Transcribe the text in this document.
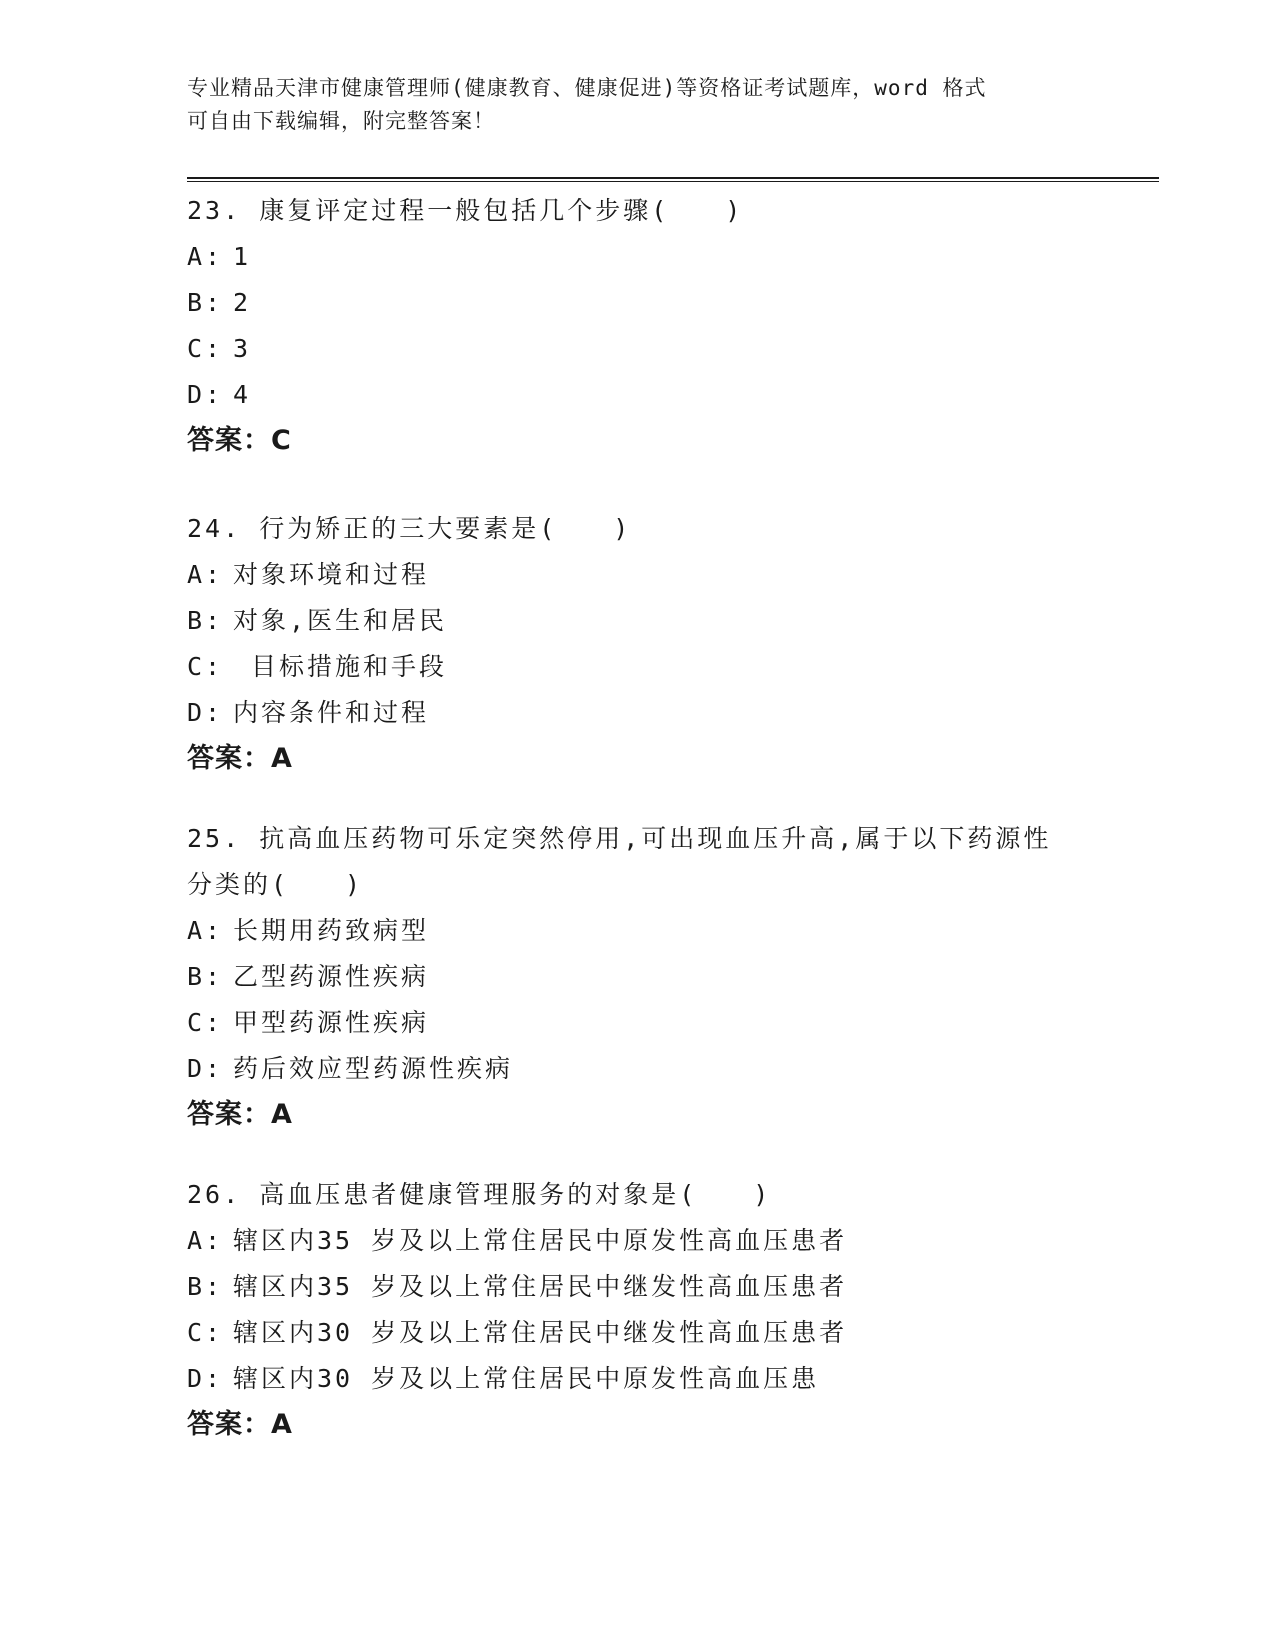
专业精品天津市健康管理师(健康教育、健康促进)等资格证考试题库，word 格式
可自由下载编辑，附完整答案！
23. 康复评定过程一般包括几个步骤(　　)
A: 1
B: 2
C: 3
D: 4
答案：C
24. 行为矫正的三大要素是(　　)
A: 对象环境和过程
B: 对象,医生和居民
C: 目标措施和手段
D: 内容条件和过程
答案：A
25. 抗高血压药物可乐定突然停用,可出现血压升高,属于以下药源性
分类的(　　)
A: 长期用药致病型
B: 乙型药源性疾病
C: 甲型药源性疾病
D: 药后效应型药源性疾病
答案：A
26. 高血压患者健康管理服务的对象是(　　)
A: 辖区内35 岁及以上常住居民中原发性高血压患者
B: 辖区内35 岁及以上常住居民中继发性高血压患者
C: 辖区内30 岁及以上常住居民中继发性高血压患者
D: 辖区内30 岁及以上常住居民中原发性高血压患
答案：A
